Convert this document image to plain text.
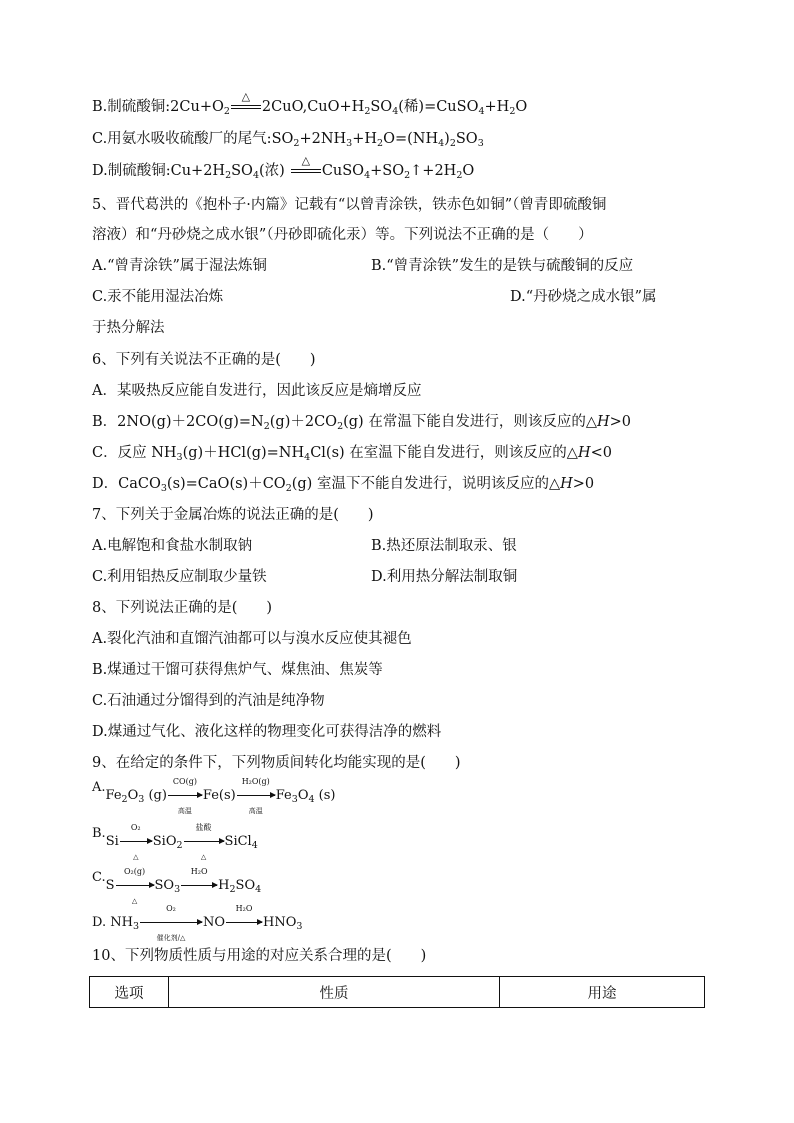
B.制硫酸铜$:2Cu+O_2$
△
$2CuO,CuO+H_2SO_4$(稀)$=CuSO_4+H_2O$
C.用氨水吸收硫酸厂的尾气$:SO_2+2NH_3+H_2O=(NH_4)_2SO_3$
D.制硫酸铜$:Cu+2H_2SO_4$(浓)
△
$CuSO_4+SO_2↑+2H_2O$
5、晋代葛洪的《抱朴子·内篇》记载有“以曾青涂铁，铁赤色如铜”（曾青即硫酸铜
溶液）和“丹砂烧之成水银”（丹砂即硫化汞）等。下列说法不正确的是（　　）
A.“曾青涂铁”属于湿法炼铜	B.“曾青涂铁”发生的是铁与硫酸铜的反应
C.汞不能用湿法冶炼	D.“丹砂烧之成水银”属
于热分解法
6、下列有关说法不正确的是(　　)
A．某吸热反应能自发进行，因此该反应是熵增反应
B．$2NO(g)+2CO(g)=N_2(g)+2CO_2(g)$ 在常温下能自发进行，则该反应的△H>0
C．反应 $NH_3(g)+HCl(g)=NH_4Cl(s)$ 在室温下能自发进行，则该反应的△H<0
D．$CaCO_3(s)=CaO(s)+CO_2(g)$ 室温下不能自发进行，说明该反应的△H>0
7、下列关于金属冶炼的说法正确的是(　　)
A.电解饱和食盐水制取钠	B.热还原法制取汞、银
C.利用铝热反应制取少量铁	D.利用热分解法制取铜
8、下列说法正确的是(　　)
A.裂化汽油和直馏汽油都可以与溴水反应使其褪色
B.煤通过干馏可获得焦炉气、煤焦油、焦炭等
C.石油通过分馏得到的汽油是纯净物
D.煤通过气化、液化这样的物理变化可获得洁净的燃料
9、在给定的条件下，下列物质间转化均能实现的是(　　)
$A.Fe_2O_3$ (g)
CO(g)
高温
Fe(s)
H₂O(g)
高温
$Fe_3O_4$ (s)
B.Si
O₂
△
SiO$_2$
盐酸
△
SiCl$_4$
C.S
O₂(g)
△
$SO_3$
H₂O
$H_2SO_4$
D. $NH_3$
O₂
催化剂/△
NO
H₂O
$HNO_3$
10、下列物质性质与用途的对应关系合理的是(　　)
选项	性质	用途
